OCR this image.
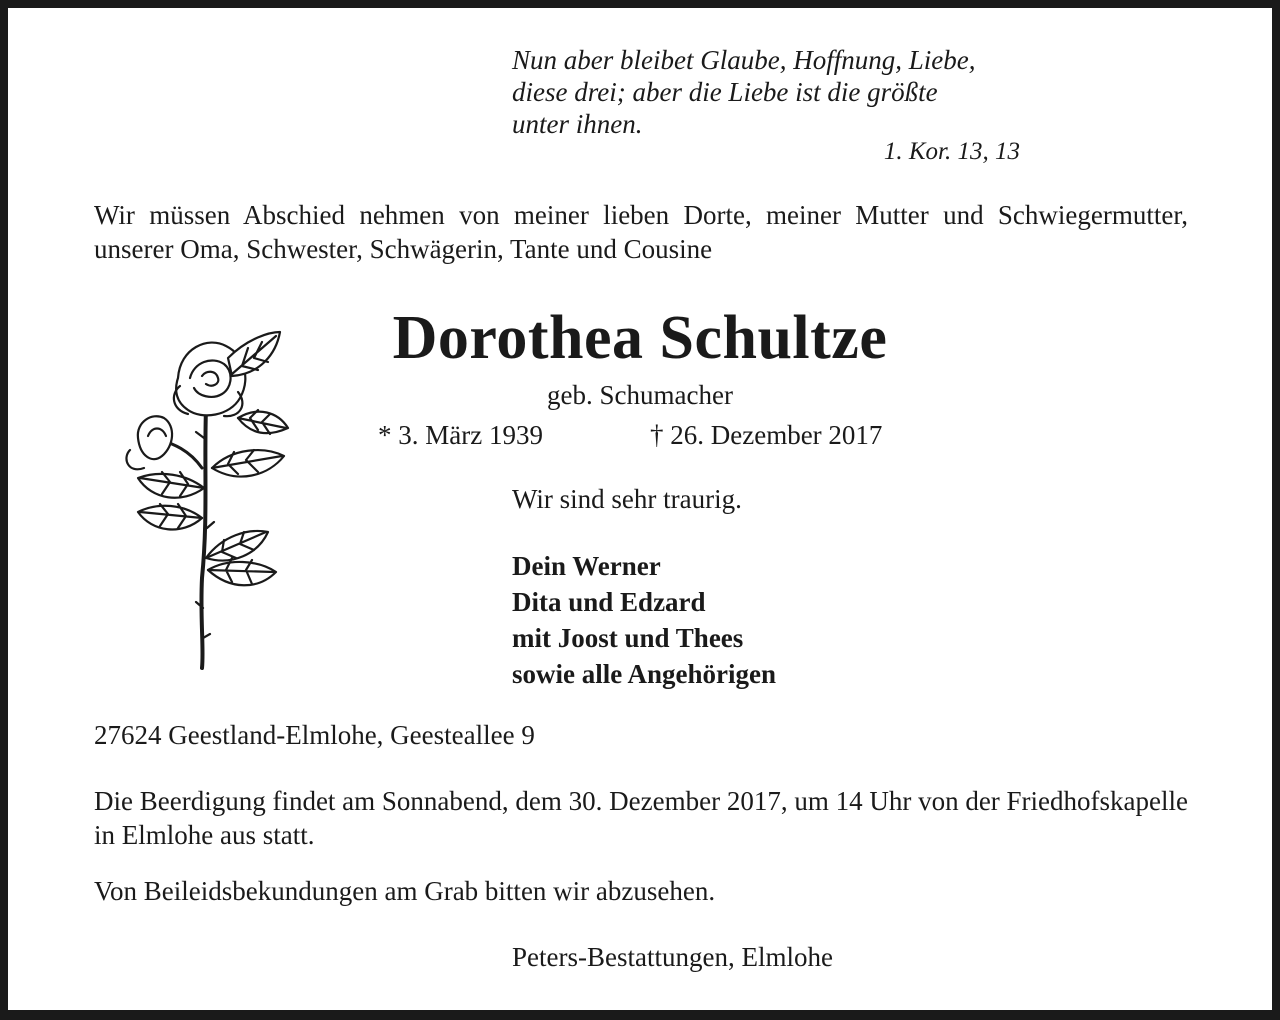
Nun aber bleibet Glaube, Hoffnung, Liebe,
diese drei; aber die Liebe ist die größte
unter ihnen.
1. Kor. 13, 13

Wir müssen Abschied nehmen von meiner lieben Dorte, meiner Mutter und Schwiegermutter, unserer Oma, Schwester, Schwägerin, Tante und Cousine

Dorothea Schultze
geb. Schumacher
* 3. März 1939	† 26. Dezember 2017
Wir sind sehr traurig.
Dein Werner
Dita und Edzard
mit Joost und Thees
sowie alle Angehörigen
27624 Geestland-Elmlohe, Geesteallee 9

Die Beerdigung findet am Sonnabend, dem 30. Dezember 2017, um 14 Uhr von der Friedhofskapelle in Elmlohe aus statt.

Von Beileidsbekundungen am Grab bitten wir abzusehen.
Peters-Bestattungen, Elmlohe
